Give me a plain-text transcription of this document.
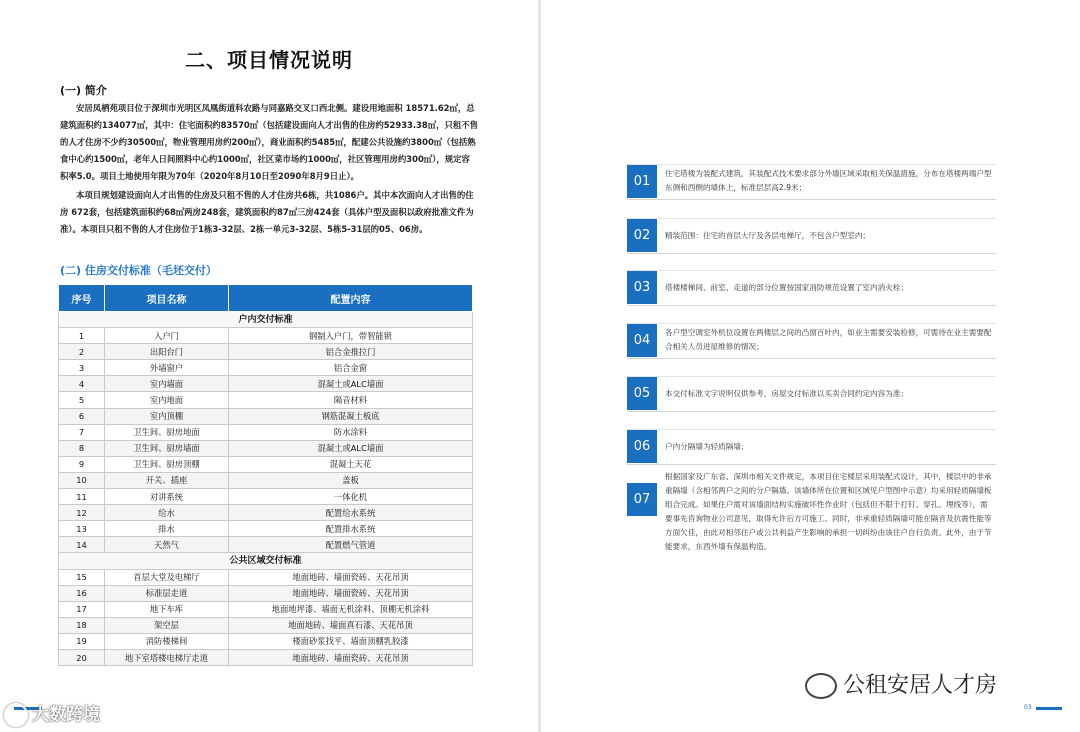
二、项目情况说明
(一) 简介
安居凤栖苑项目位于深圳市光明区凤凰街道科农路与同嘉路交叉口西北侧。建设用地面积 18571.62㎡，总建筑面积约134077㎡，其中：住宅面积约83570㎡（包括建设面向人才出售的住房约52933.38㎡，只租不售的人才住房不少约30500㎡，物业管理用房约200㎡），商业面积约5485㎡，配建公共设施约3800㎡（包括熟食中心约1500㎡，老年人日间照料中心约1000㎡，社区菜市场约1000㎡，社区管理用房约300㎡），规定容积率5.0。项目土地使用年限为70年（2020年8月10日至2090年8月9日止）。
本项目规划建设面向人才出售的住房及只租不售的人才住房共6栋，共1086户。其中本次面向人才出售的住房 672套，包括建筑面积约68㎡两房248套，建筑面积约87㎡三房424套（具体户型及面积以政府批准文件为准）。本项目只租不售的人才住房位于1栋3-32层、2栋一单元3-32层、5栋5-31层的05、06房。
(二) 住房交付标准（毛坯交付）
序号	项目名称	配置内容
户内交付标准		
1	入户门	钢制入户门，带智能锁
2	出阳台门	铝合金推拉门
3	外墙窗户	铝合金窗
4	室内墙面	混凝土或ALC墙面
5	室内地面	隔音材料
6	室内顶棚	钢筋混凝土板底
7	卫生间、厨房地面	防水涂料
8	卫生间、厨房墙面	混凝土或ALC墙面
9	卫生间、厨房顶棚	混凝土天花
10	开关、插座	盖板
11	对讲系统	一体化机
12	给水	配置给水系统
13	排水	配置排水系统
14	天然气	配置燃气管道
公共区域交付标准		
15	首层大堂及电梯厅	地面地砖、墙面瓷砖、天花吊顶
16	标准层走道	地面地砖、墙面瓷砖、天花吊顶
17	地下车库	地面地坪漆、墙面无机涂料、顶棚无机涂料
18	架空层	地面地砖、墙面真石漆、天花吊顶
19	消防楼梯间	楼面砂浆找平、墙面顶棚乳胶漆
20	地下室塔楼电梯厅走道	地面地砖、墙面瓷砖、天花吊顶
大数跨境
01
住宅塔楼为装配式建筑，其装配式技术要求部分外墙区域采取相关保温措施，分布在塔楼两端户型东侧和西侧的墙体上，标准层层高2.9米；
02	精装范围：住宅的首层大厅及各层电梯厅，不包含户型室内；
03	塔楼楼梯间、前室、走道的部分位置按国家消防规范设置了室内消火栓；
04
各户型空调室外机位设置在两楼层之间的凸窗百叶内，如业主需要安装检修，可需待在业主需要配合相关人员进屋维修的情况；
05	本交付标准文字说明仅供参考，房屋交付标准以买卖合同约定内容为准；
06	户内分隔墙为轻质隔墙；
07
根据国家及广东省、深圳市相关文件规定，本项目住宅楼层采用装配式设计，其中，楼层中的非承重隔墙（含相邻两户之间的分户隔墙、该墙体所在位置和区域见户型图中示意）均采用轻质隔墙板组合完成。如果住户需对该墙面结构实施破坏性作业时（包括但不限于打钉、穿孔、埋线等），需要事先咨询物业公司意见，取得允许后方可施工。同时，非承重轻质隔墙可能在隔音及抗震性能等方面欠佳，由此对相邻住户或公共利益产生影响的承担一切纠纷由该住户自行负责。此外，由于节能要求，东西外墙有保温构造。
公租安居人才房
03
